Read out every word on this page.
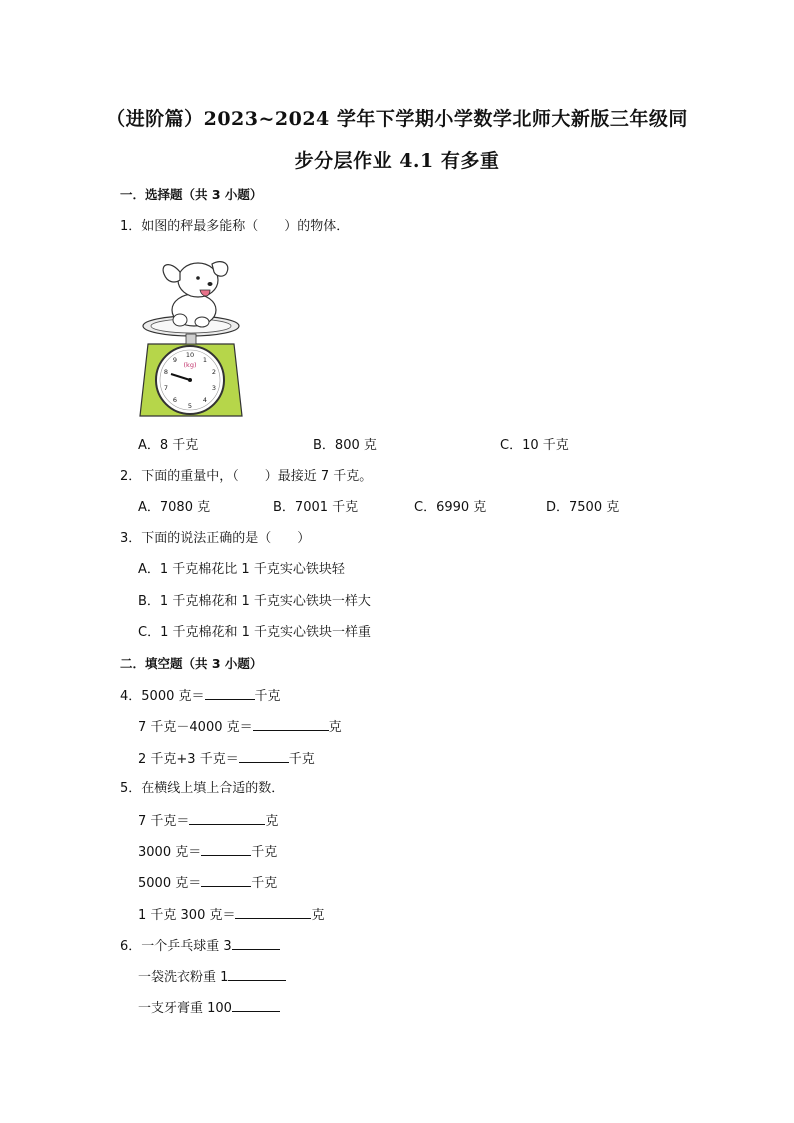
（进阶篇）2023~2024 学年下学期小学数学北师大新版三年级同
步分层作业 4.1 有多重
一．选择题（共 3 小题）
1．如图的秤最多能称（　　）的物体．
10
1
2
3
4
5
6
7
8
9
(kg)
A．8 千克	B．800 克	C．10 千克
2．下面的重量中，（　　）最接近 7 千克。
A．7080 克	B．7001 千克	C．6990 克	D．7500 克
3．下面的说法正确的是（　　）
A．1 千克棉花比 1 千克实心铁块轻
B．1 千克棉花和 1 千克实心铁块一样大
C．1 千克棉花和 1 千克实心铁块一样重
二．填空题（共 3 小题）
4．5000 克＝	千克
7 千克－4000 克＝	克
2 千克+3 千克＝	千克
5．在横线上填上合适的数．
7 千克＝	克
3000 克＝	千克
5000 克＝	千克
1 千克 300 克＝	克
6．一个乒乓球重 3
一袋洗衣粉重 1
一支牙膏重 100
